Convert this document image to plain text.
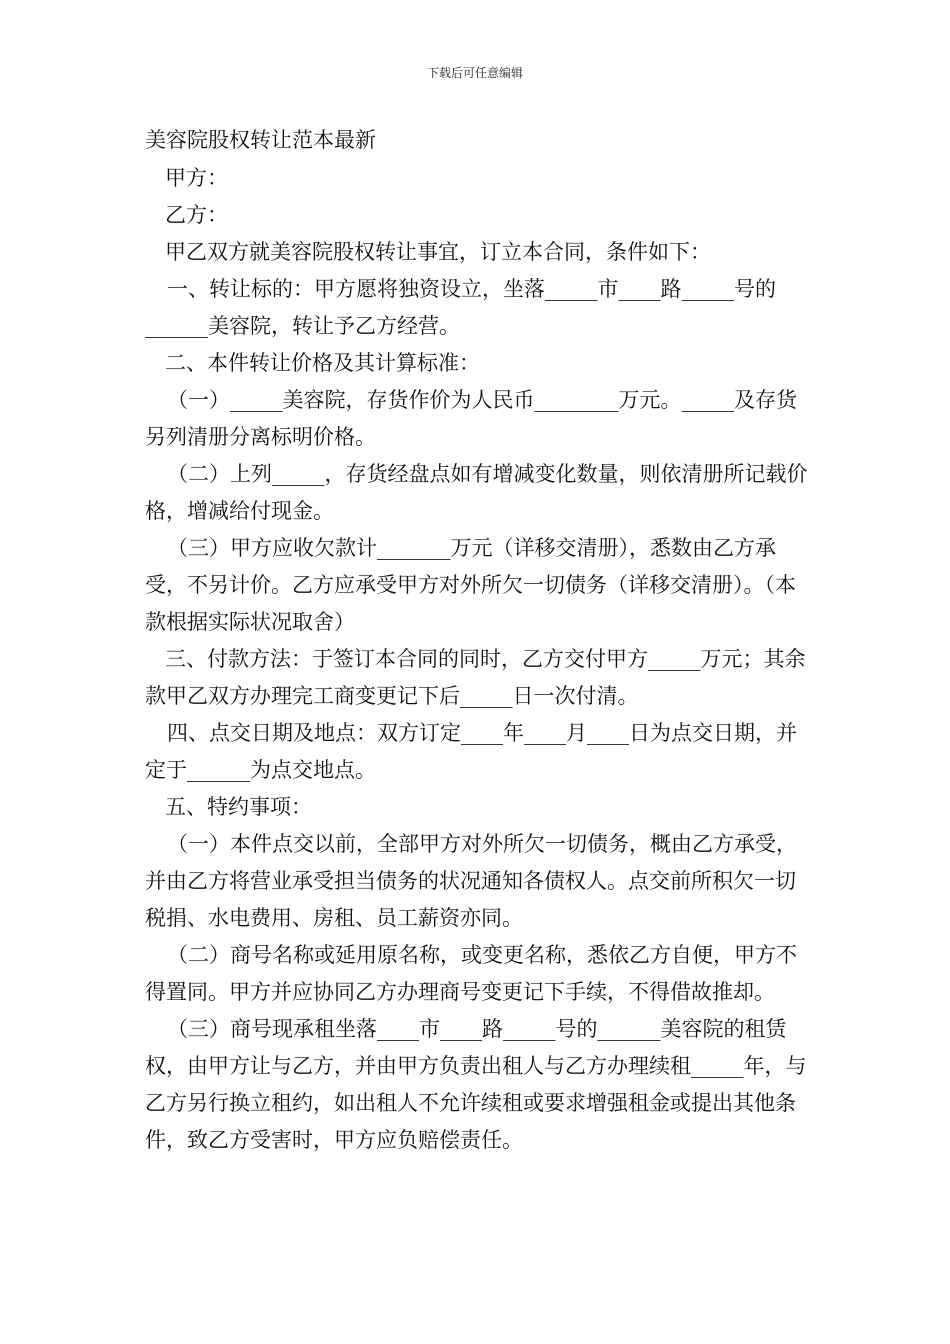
下载后可任意编辑

美容院股权转让范本最新

甲方：

乙方：

甲乙双方就美容院股权转让事宜，订立本合同，条件如下：

一、转让标的：甲方愿将独资设立，坐落_____市____路_____号的______美容院，转让予乙方经营。

二、本件转让价格及其计算标准：

（一）_____美容院，存货作价为人民币________万元。_____及存货另列清册分离标明价格。

（二）上列_____，存货经盘点如有增减变化数量，则依清册所记载价格，增减给付现金。

（三）甲方应收欠款计_______万元（详移交清册），悉数由乙方承受，不另计价。乙方应承受甲方对外所欠一切债务（详移交清册）。（本款根据实际状况取舍）

三、付款方法：于签订本合同的同时，乙方交付甲方_____万元；其余款甲乙双方办理完工商变更记下后_____日一次付清。

四、点交日期及地点：双方订定____年____月____日为点交日期，并定于______为点交地点。

五、特约事项：

（一）本件点交以前，全部甲方对外所欠一切债务，概由乙方承受，并由乙方将营业承受担当债务的状况通知各债权人。点交前所积欠一切税捐、水电费用、房租、员工薪资亦同。

（二）商号名称或延用原名称，或变更名称，悉依乙方自便，甲方不得置同。甲方并应协同乙方办理商号变更记下手续，不得借故推却。

（三）商号现承租坐落____市____路_____号的______美容院的租赁权，由甲方让与乙方，并由甲方负责出租人与乙方办理续租_____年，与乙方另行换立租约，如出租人不允许续租或要求增强租金或提出其他条件，致乙方受害时，甲方应负赔偿责任。
